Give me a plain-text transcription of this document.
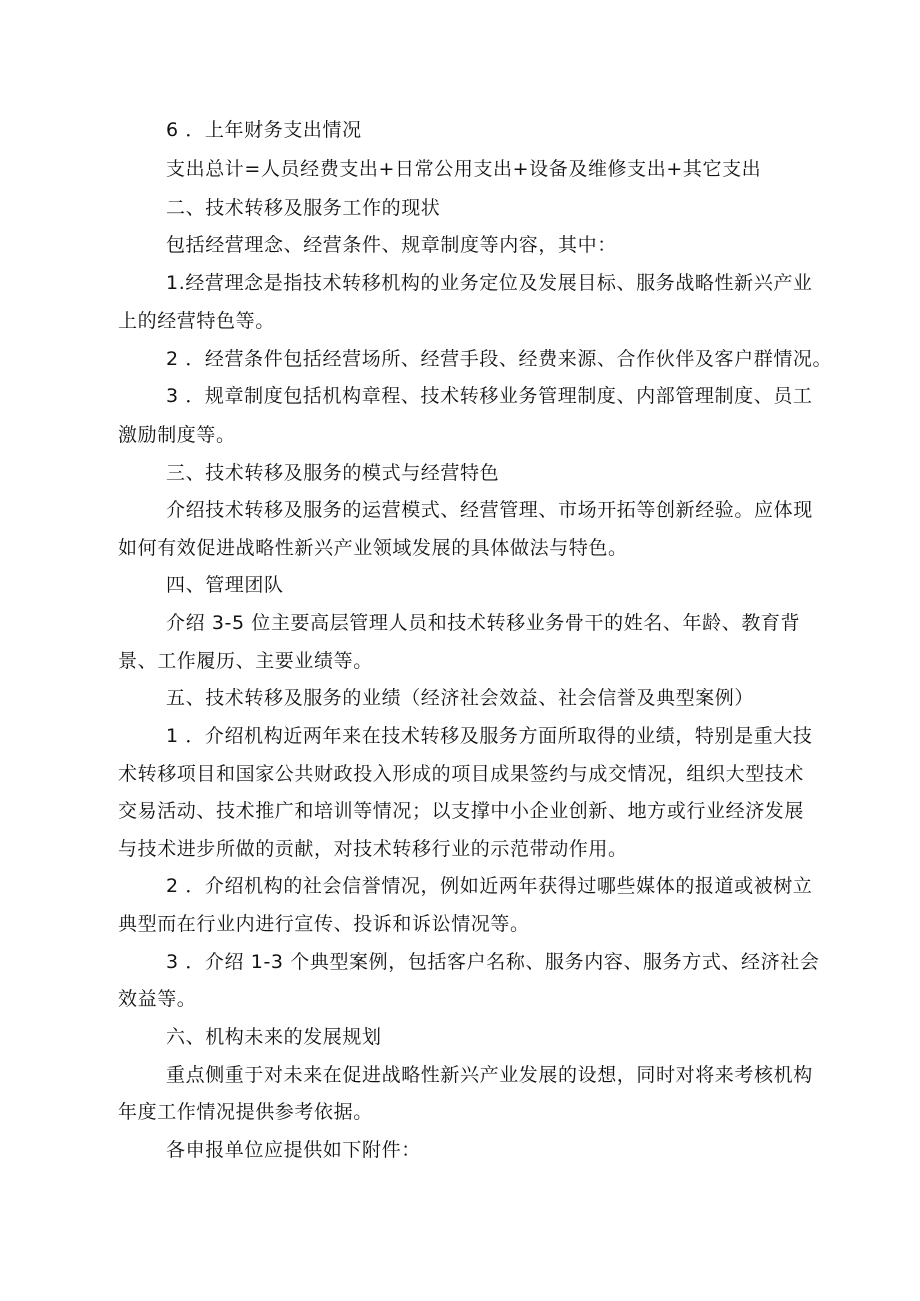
6 ．上年财务支出情况
支出总计=人员经费支出+日常公用支出+设备及维修支出+其它支出
二、技术转移及服务工作的现状
包括经营理念、经营条件、规章制度等内容，其中：
1.经营理念是指技术转移机构的业务定位及发展目标、服务战略性新兴产业
上的经营特色等。
2 ．经营条件包括经营场所、经营手段、经费来源、合作伙伴及客户群情况。
3 ．规章制度包括机构章程、技术转移业务管理制度、内部管理制度、员工
激励制度等。
三、技术转移及服务的模式与经营特色
介绍技术转移及服务的运营模式、经营管理、市场开拓等创新经验。应体现
如何有效促进战略性新兴产业领域发展的具体做法与特色。
四、管理团队
介绍 3-5 位主要高层管理人员和技术转移业务骨干的姓名、年龄、教育背
景、工作履历、主要业绩等。
五、技术转移及服务的业绩（经济社会效益、社会信誉及典型案例）
1 ．介绍机构近两年来在技术转移及服务方面所取得的业绩，特别是重大技
术转移项目和国家公共财政投入形成的项目成果签约与成交情况，组织大型技术
交易活动、技术推广和培训等情况；以支撑中小企业创新、地方或行业经济发展
与技术进步所做的贡献，对技术转移行业的示范带动作用。
2 ．介绍机构的社会信誉情况，例如近两年获得过哪些媒体的报道或被树立
典型而在行业内进行宣传、投诉和诉讼情况等。
3 ．介绍 1-3 个典型案例，包括客户名称、服务内容、服务方式、经济社会
效益等。
六、机构未来的发展规划
重点侧重于对未来在促进战略性新兴产业发展的设想，同时对将来考核机构
年度工作情况提供参考依据。
各申报单位应提供如下附件：
